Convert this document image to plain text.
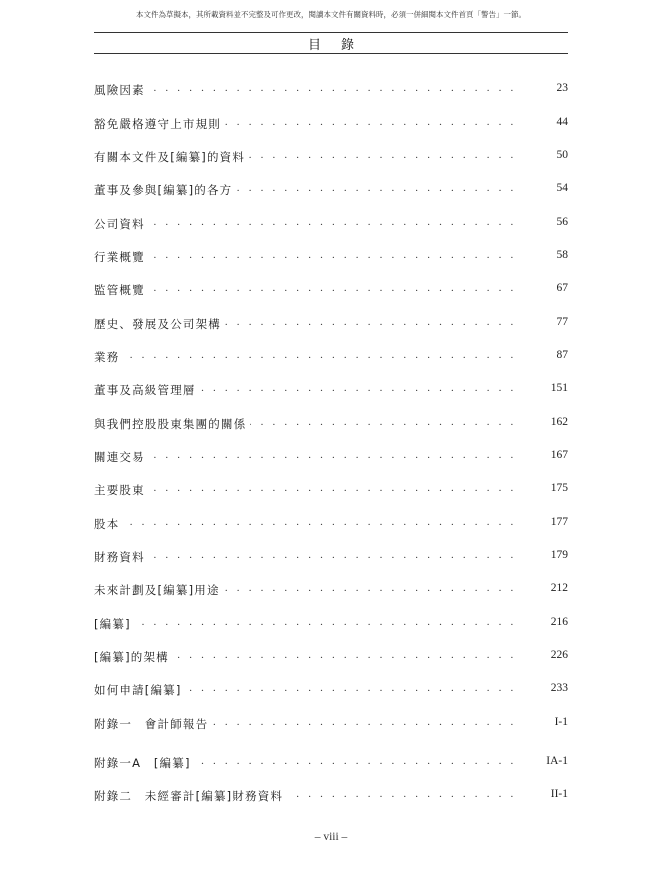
本文件為草擬本，其所載資料並不完整及可作更改，閱讀本文件有關資料時，必須一併細閱本文件首頁「警告」一節。
目錄
. . .
風險因素	23
. . .
豁免嚴格遵守上市規則	44
. . .
有關本文件及[編纂]的資料	50
. . .
董事及參與[編纂]的各方	54
. . .
公司資料	56
. . .
行業概覽	58
. . .
監管概覽	67
. . .
歷史、發展及公司架構	77
. . .
業務	87
. . .
董事及高級管理層	151
. . .
與我們控股股東集團的關係	162
. . .
關連交易	167
. . .
主要股東	175
. . .
股本	177
. . .
財務資料	179
. . .
未來計劃及[編纂]用途	212
. . .
[編纂]	216
. . .
[編纂]的架構	226
. . .
如何申請[編纂]	233
. . .
附錄一　會計師報告	I-1
. . .
附錄一A　[編纂]	IA-1
. . .
附錄二　未經審計[編纂]財務資料	II-1
– viii –
